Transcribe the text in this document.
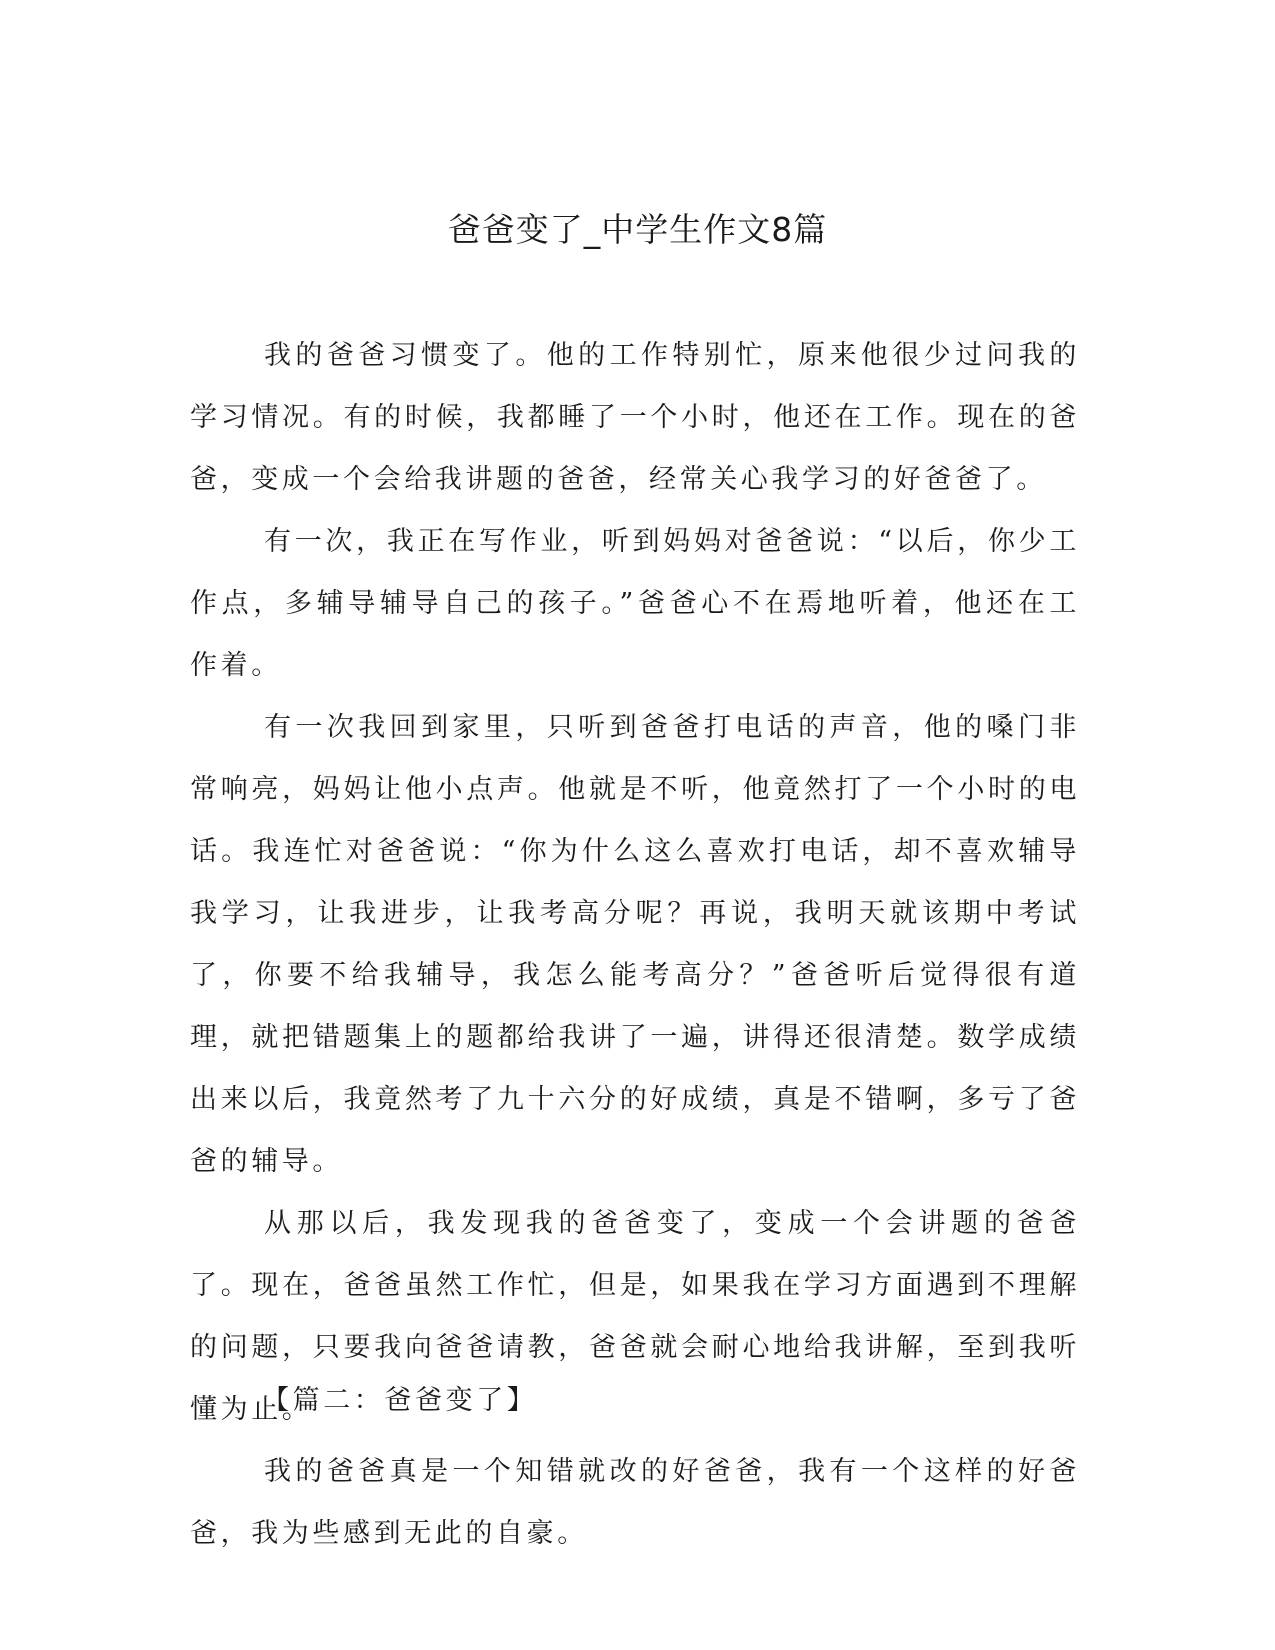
爸爸变了_中学生作文8篇

我的爸爸习惯变了。他的工作特别忙，原来他很少过问我的学习情况。有的时候，我都睡了一个小时，他还在工作。现在的爸爸，变成一个会给我讲题的爸爸，经常关心我学习的好爸爸了。

有一次，我正在写作业，听到妈妈对爸爸说：“以后，你少工作点，多辅导辅导自己的孩子。”爸爸心不在焉地听着，他还在工作着。

有一次我回到家里，只听到爸爸打电话的声音，他的嗓门非常响亮，妈妈让他小点声。他就是不听，他竟然打了一个小时的电话。我连忙对爸爸说：“你为什么这么喜欢打电话，却不喜欢辅导我学习，让我进步，让我考高分呢？再说，我明天就该期中考试了，你要不给我辅导，我怎么能考高分？”爸爸听后觉得很有道理，就把错题集上的题都给我讲了一遍，讲得还很清楚。数学成绩出来以后，我竟然考了九十六分的好成绩，真是不错啊，多亏了爸爸的辅导。

从那以后，我发现我的爸爸变了，变成一个会讲题的爸爸了。现在，爸爸虽然工作忙，但是，如果我在学习方面遇到不理解的问题，只要我向爸爸请教，爸爸就会耐心地给我讲解，至到我听懂为止。

我的爸爸真是一个知错就改的好爸爸，我有一个这样的好爸爸，我为些感到无此的自豪。

【篇二：爸爸变了】
